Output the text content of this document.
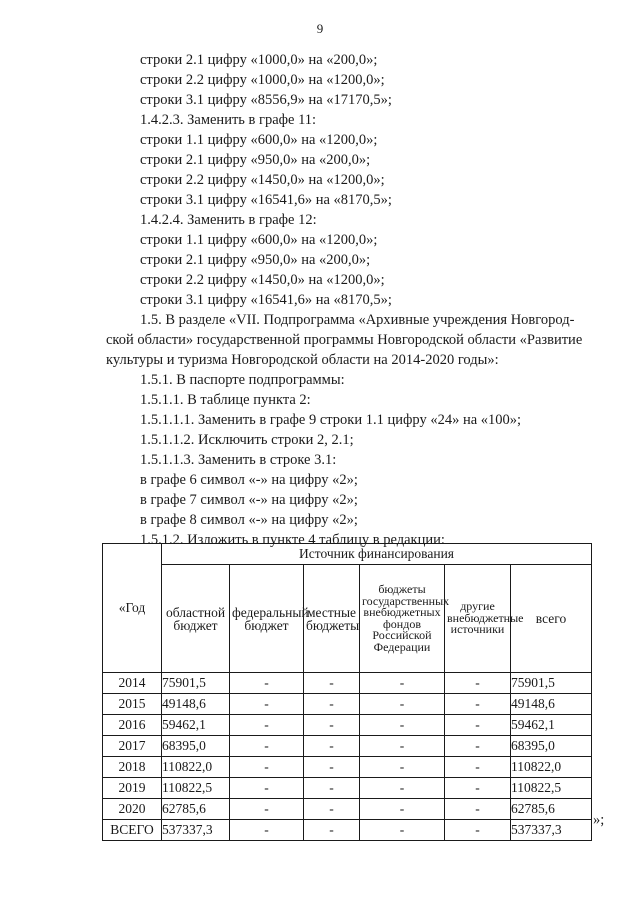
9
строки 2.1 цифру «1000,0» на «200,0»;
строки 2.2 цифру «1000,0» на «1200,0»;
строки 3.1 цифру «8556,9» на «17170,5»;
1.4.2.3. Заменить в графе 11:
строки 1.1 цифру «600,0» на «1200,0»;
строки 2.1 цифру «950,0» на «200,0»;
строки 2.2 цифру «1450,0» на «1200,0»;
строки 3.1 цифру «16541,6» на «8170,5»;
1.4.2.4. Заменить в графе 12:
строки 1.1 цифру «600,0» на «1200,0»;
строки 2.1 цифру «950,0» на «200,0»;
строки 2.2 цифру «1450,0» на «1200,0»;
строки 3.1 цифру «16541,6» на «8170,5»;
1.5. В разделе «VII. Подпрограмма «Архивные учреждения Новгород-
ской области» государственной программы Новгородской области «Развитие
культуры и туризма Новгородской области на 2014-2020 годы»:
1.5.1. В паспорте подпрограммы:
1.5.1.1. В таблице пункта 2:
1.5.1.1.1. Заменить в графе 9 строки 1.1 цифру «24» на «100»;
1.5.1.1.2. Исключить строки 2, 2.1;
1.5.1.1.3. Заменить в строке 3.1:
в графе 6 символ «-» на цифру «2»;
в графе 7 символ «-» на цифру «2»;
в графе 8 символ «-» на цифру «2»;
1.5.1.2. Изложить в пункте 4 таблицу в редакции:
«Год	Источник финансирования					
	областной бюджет	федеральный бюджет	местные бюджеты	бюджеты государственных внебюджетных фондов Российской Федерации	другие внебюджетные источники	всего
2014	75901,5	-	-	-	-	75901,5
2015	49148,6	-	-	-	-	49148,6
2016	59462,1	-	-	-	-	59462,1
2017	68395,0	-	-	-	-	68395,0
2018	110822,0	-	-	-	-	110822,0
2019	110822,5	-	-	-	-	110822,5
2020	62785,6	-	-	-	-	62785,6
ВСЕГО	537337,3	-	-	-	-	537337,3
»;
